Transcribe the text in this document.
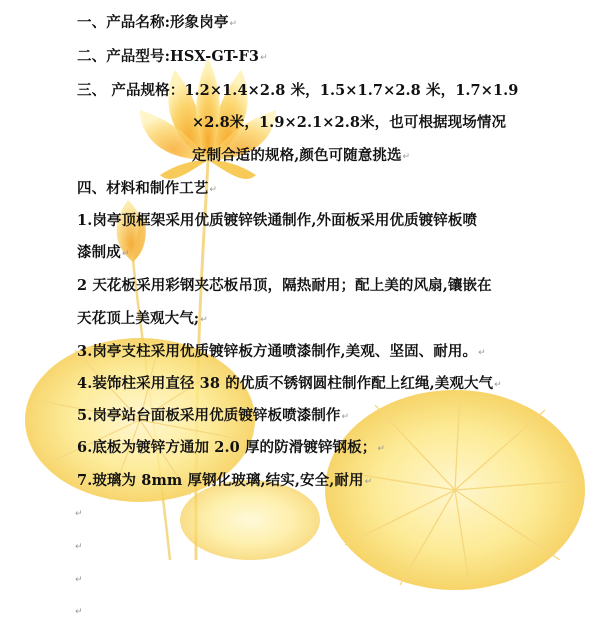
一、产品名称:形象岗亭↵
二、产品型号:HSX-GT-F3↵
三、 产品规格：1.2×1.4×2.8 米，1.5×1.7×2.8 米，1.7×1.9
×2.8米，1.9×2.1×2.8米，也可根据现场情况
定制合适的规格,颜色可随意挑选↵
四、材料和制作工艺↵
1.岗亭顶框架采用优质镀锌铁通制作,外面板采用优质镀锌板喷
漆制成↵
2 天花板采用彩钢夹芯板吊顶，隔热耐用；配上美的风扇,镶嵌在
天花顶上美观大气;↵
3.岗亭支柱采用优质镀锌板方通喷漆制作,美观、坚固、耐用。↵
4.装饰柱采用直径 38 的优质不锈钢圆柱制作配上红绳,美观大气↵
5.岗亭站台面板采用优质镀锌板喷漆制作↵
6.底板为镀锌方通加 2.0 厚的防滑镀锌钢板；↵
7.玻璃为 8mm 厚钢化玻璃,结实,安全,耐用↵
↵
↵
↵
↵
